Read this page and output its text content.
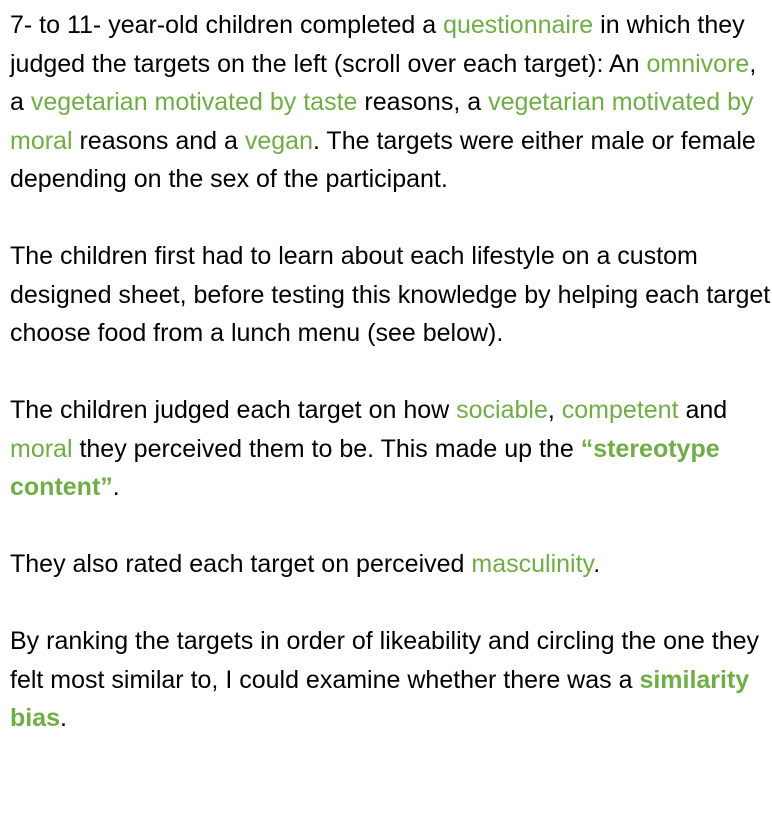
7- to 11- year-old children completed a questionnaire in which they judged the targets on the left (scroll over each target): An omnivore, a vegetarian motivated by taste reasons, a vegetarian motivated by moral reasons and a vegan. The targets were either male or female depending on the sex of the participant.

The children first had to learn about each lifestyle on a custom designed sheet, before testing this knowledge by helping each target choose food from a lunch menu (see below).

The children judged each target on how sociable, competent and moral they perceived them to be. This made up the “stereotype content”.

They also rated each target on perceived masculinity.

By ranking the targets in order of likeability and circling the one they felt most similar to, I could examine whether there was a similarity bias.
